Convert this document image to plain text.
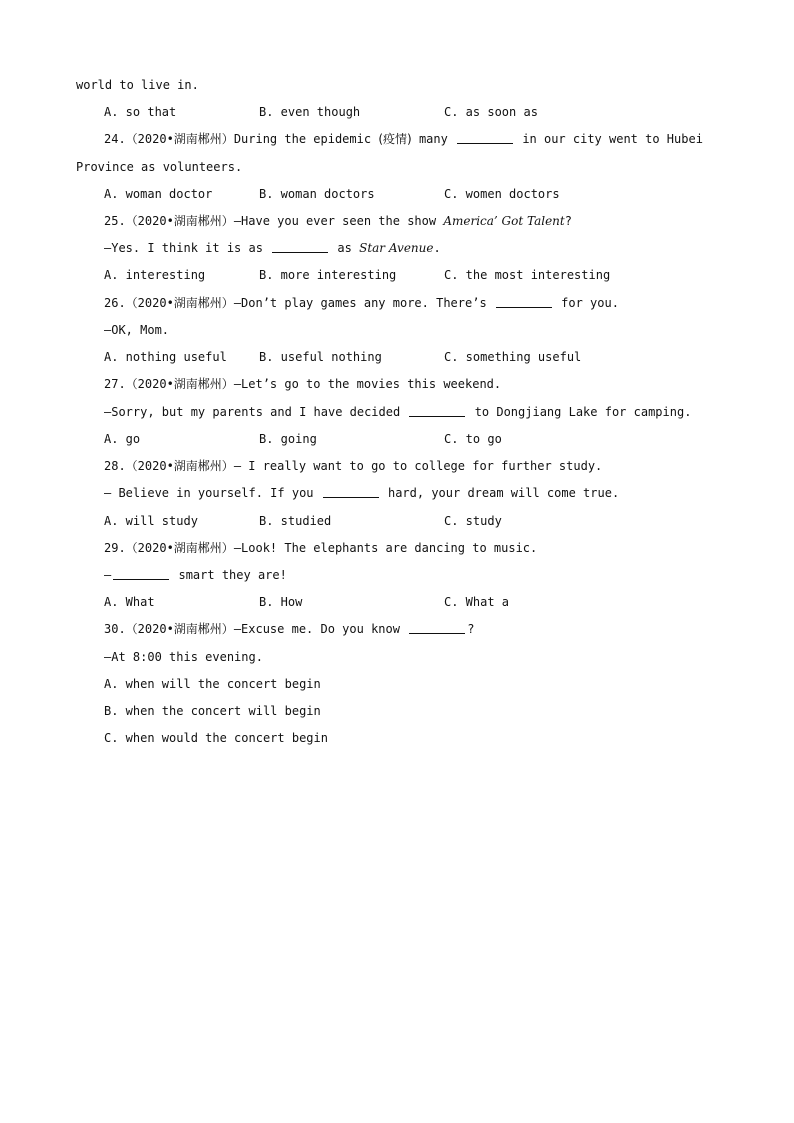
world to live in.
A. so that	B. even though	C. as soon as
24.（2020•湖南郴州）During the epidemic (疫情) many	in our city went to Hubei
Province as volunteers.
A. woman doctor	B. woman doctors	C. women doctors
25.（2020•湖南郴州）—Have you ever seen the show America’ Got Talent?
—Yes. I think it is as	as Star Avenue.
A. interesting	B. more interesting	C. the most interesting
26.（2020•湖南郴州）—Don’t play games any more. There’s	for you.
—OK, Mom.
A. nothing useful	B. useful nothing	C. something useful
27.（2020•湖南郴州）—Let’s go to the movies this weekend.
—Sorry, but my parents and I have decided	to Dongjiang Lake for camping.
A. go	B. going	C. to go
28.（2020•湖南郴州）— I really want to go to college for further study.
— Believe in yourself. If you	hard, your dream will come true.
A. will study	B. studied	C. study
29.（2020•湖南郴州）—Look! The elephants are dancing to music.
—	smart they are!
A. What	B. How	C. What a
30.（2020•湖南郴州）—Excuse me. Do you know	?
—At 8:00 this evening.
A. when will the concert begin
B. when the concert will begin
C. when would the concert begin
